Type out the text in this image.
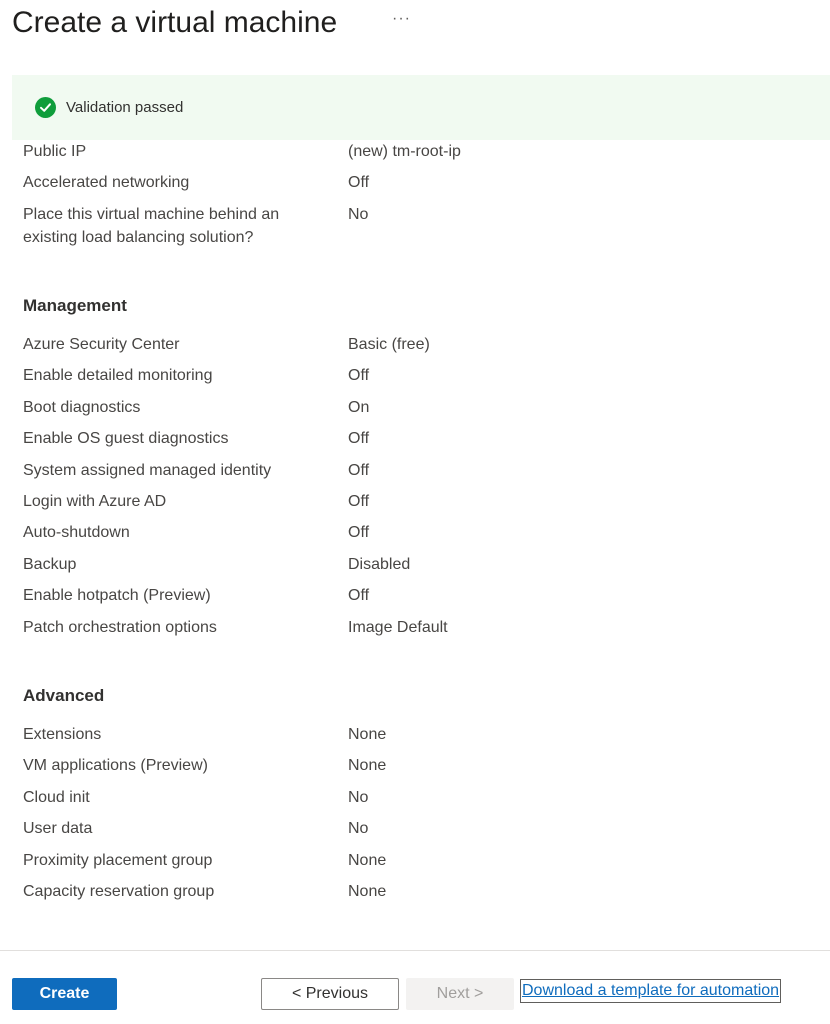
Create a virtual machine	···
Validation passed
Public IP	(new) tm-root-ip
Accelerated networking	Off
Place this virtual machine behind an
existing load balancing solution?
No
Management
Azure Security Center	Basic (free)
Enable detailed monitoring	Off
Boot diagnostics	On
Enable OS guest diagnostics	Off
System assigned managed identity	Off
Login with Azure AD	Off
Auto-shutdown	Off
Backup	Disabled
Enable hotpatch (Preview)	Off
Patch orchestration options	Image Default
Advanced
Extensions	None
VM applications (Preview)	None
Cloud init	No
User data	No
Proximity placement group	None
Capacity reservation group	None
Create	< Previous	Next >	Download a template for automation
